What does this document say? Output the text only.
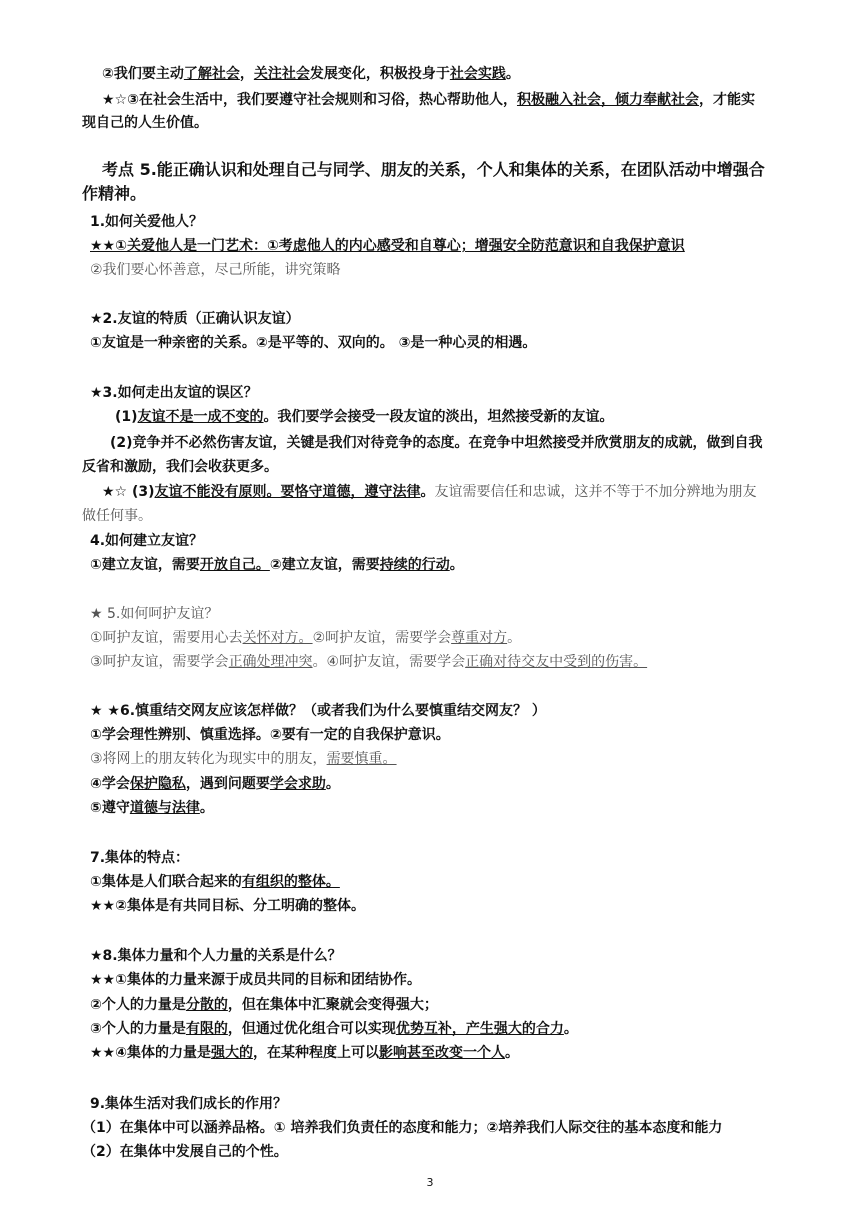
②我们要主动了解社会，关注社会发展变化，积极投身于社会实践。
★☆③在社会生活中，我们要遵守社会规则和习俗，热心帮助他人，积极融入社会，倾力奉献社会，才能实
现自己的人生价值。
考点 5.能正确认识和处理自己与同学、朋友的关系，个人和集体的关系，在团队活动中增强合
作精神。
1.如何关爱他人？
★★①关爱他人是一门艺术：①考虑他人的内心感受和自尊心；增强安全防范意识和自我保护意识
②我们要心怀善意，尽己所能，讲究策略
★2.友谊的特质（正确认识友谊）
①友谊是一种亲密的关系。②是平等的、双向的。 ③是一种心灵的相遇。
★3.如何走出友谊的误区？
(1)友谊不是一成不变的。我们要学会接受一段友谊的淡出，坦然接受新的友谊。
(2)竞争并不必然伤害友谊，关键是我们对待竞争的态度。在竞争中坦然接受并欣赏朋友的成就，做到自我
反省和激励，我们会收获更多。
★☆ (3)友谊不能没有原则。要恪守道德，遵守法律。友谊需要信任和忠诚，这并不等于不加分辨地为朋友
做任何事。
4.如何建立友谊？
①建立友谊，需要开放自己。②建立友谊，需要持续的行动。
★ 5.如何呵护友谊？
①呵护友谊，需要用心去关怀对方。②呵护友谊，需要学会尊重对方。
③呵护友谊，需要学会正确处理冲突。④呵护友谊，需要学会正确对待交友中受到的伤害。
★ ★6.慎重结交网友应该怎样做？（或者我们为什么要慎重结交网友？ ）
①学会理性辨别、慎重选择。②要有一定的自我保护意识。
③将网上的朋友转化为现实中的朋友，需要慎重。
④学会保护隐私，遇到问题要学会求助。
⑤遵守道德与法律。
7.集体的特点：
①集体是人们联合起来的有组织的整体。
★★②集体是有共同目标、分工明确的整体。
★8.集体力量和个人力量的关系是什么？
★★①集体的力量来源于成员共同的目标和团结协作。
②个人的力量是分散的，但在集体中汇聚就会变得强大；
③个人的力量是有限的，但通过优化组合可以实现优势互补，产生强大的合力。
★★④集体的力量是强大的，在某种程度上可以影响甚至改变一个人。
9.集体生活对我们成长的作用？
（1）在集体中可以涵养品格。① 培养我们负责任的态度和能力；②培养我们人际交往的基本态度和能力
（2）在集体中发展自己的个性。
3
